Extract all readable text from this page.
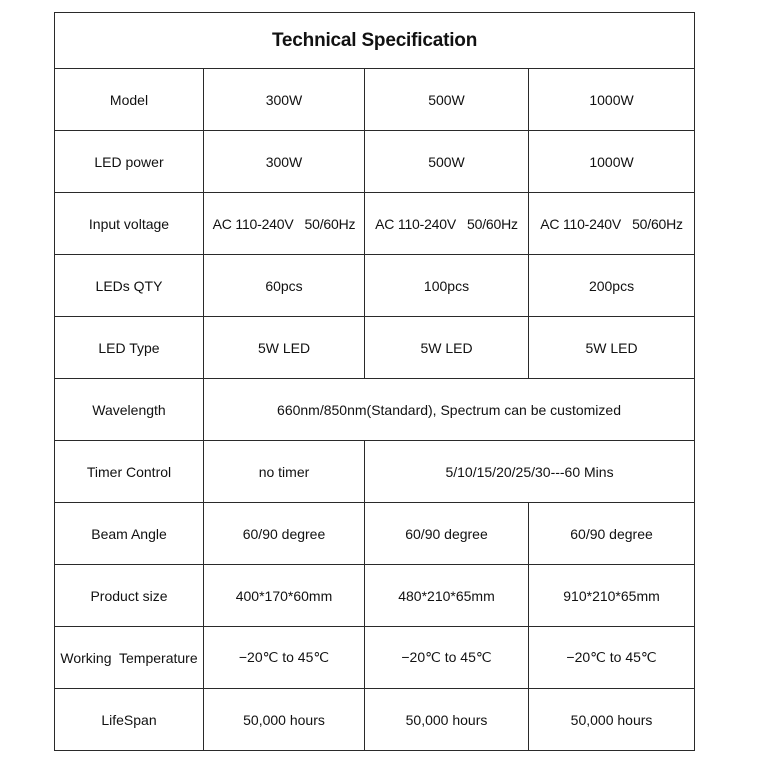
Technical Specification			
Model	300W	500W	1000W
LED power	300W	500W	1000W
Input voltage	AC 110-240V   50/60Hz	AC 110-240V   50/60Hz	AC 110-240V   50/60Hz
LEDs QTY	60pcs	100pcs	200pcs
LED Type	5W LED	5W LED	5W LED
Wavelength	660nm/850nm(Standard), Spectrum can be customized		
Timer Control	no timer	5/10/15/20/25/30---60 Mins	
Beam Angle	60/90 degree	60/90 degree	60/90 degree
Product size	400*170*60mm	480*210*65mm	910*210*65mm
Working  Temperature	−20℃ to 45℃	−20℃ to 45℃	−20℃ to 45℃
LifeSpan	50,000 hours	50,000 hours	50,000 hours
